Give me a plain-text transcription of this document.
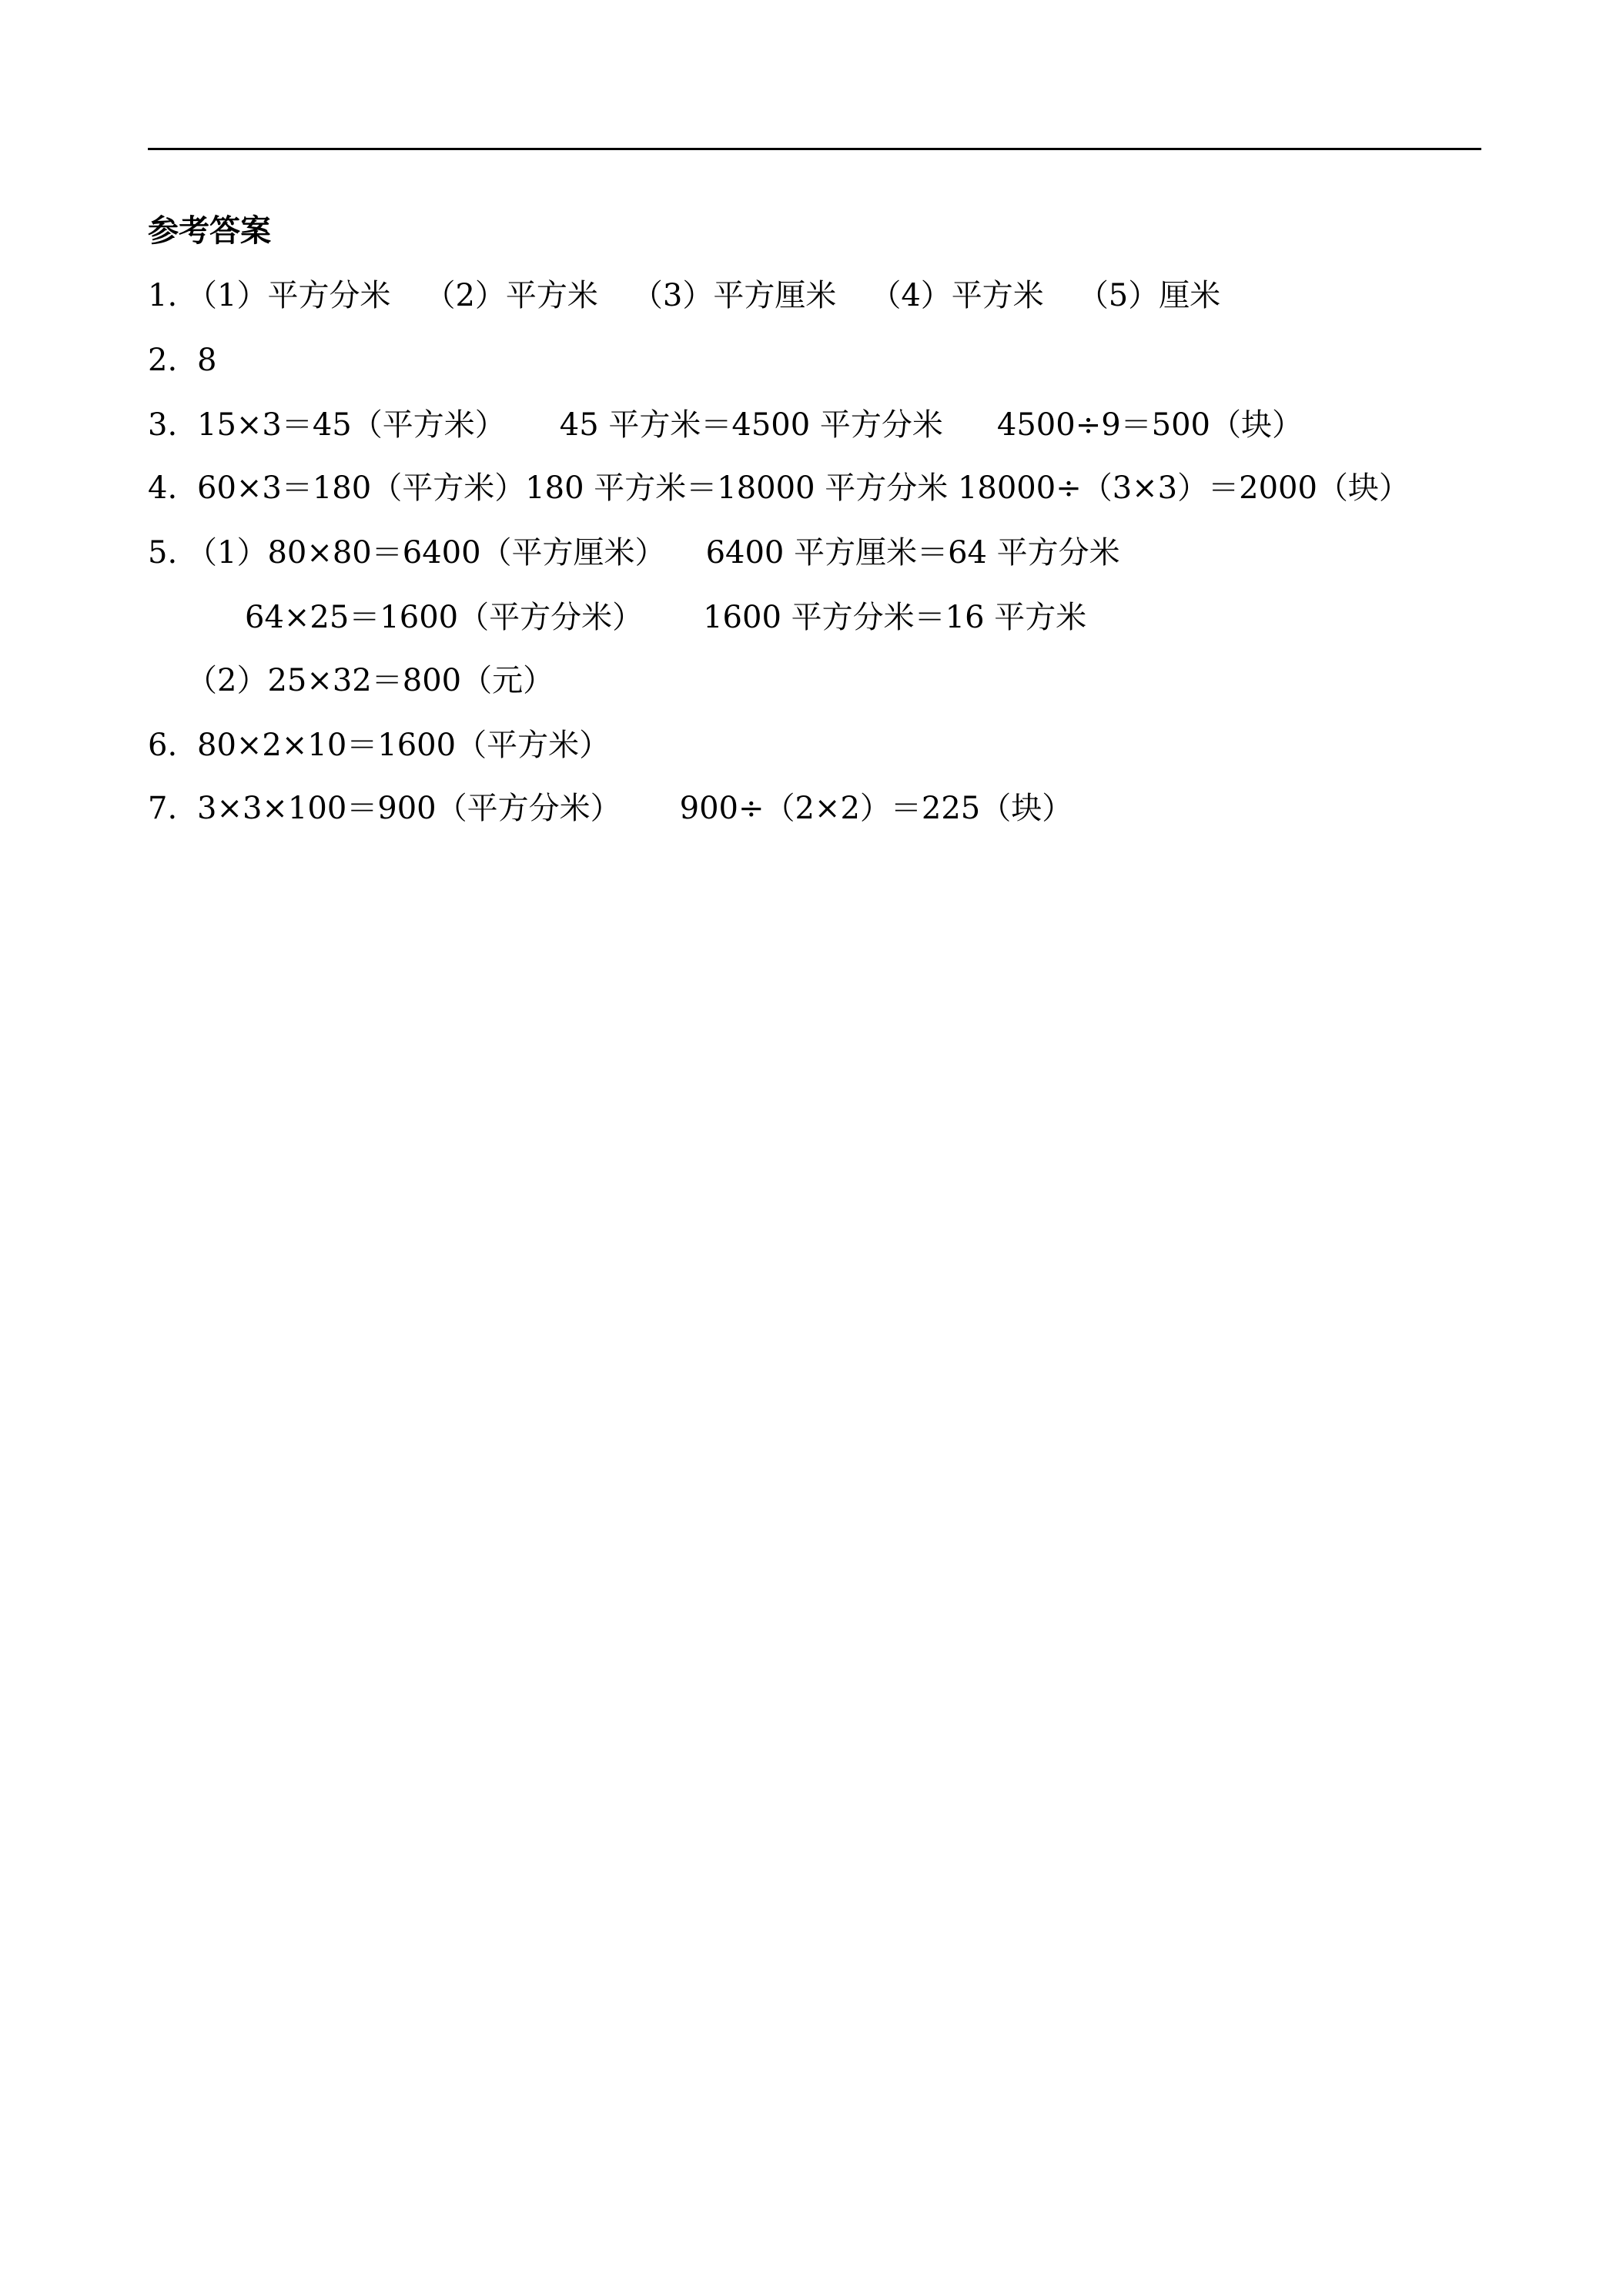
参考答案
1. （1）平方分米 （2）平方米 （3）平方厘米 （4）平方米 （5）厘米
2. 8
3. 15×3＝45（平方米） 45 平方米＝4500 平方分米 4500÷9＝500（块）
4. 60×3＝180（平方米）180 平方米＝18000 平方分米 18000÷（3×3）＝2000（块）
5. （1）80×80＝6400（平方厘米） 6400 平方厘米＝64 平方分米
64×25＝1600（平方分米） 1600 平方分米＝16 平方米
（2）25×32＝800（元）
6. 80×2×10＝1600（平方米）
7. 3×3×100＝900（平方分米） 900÷（2×2）＝225（块）
